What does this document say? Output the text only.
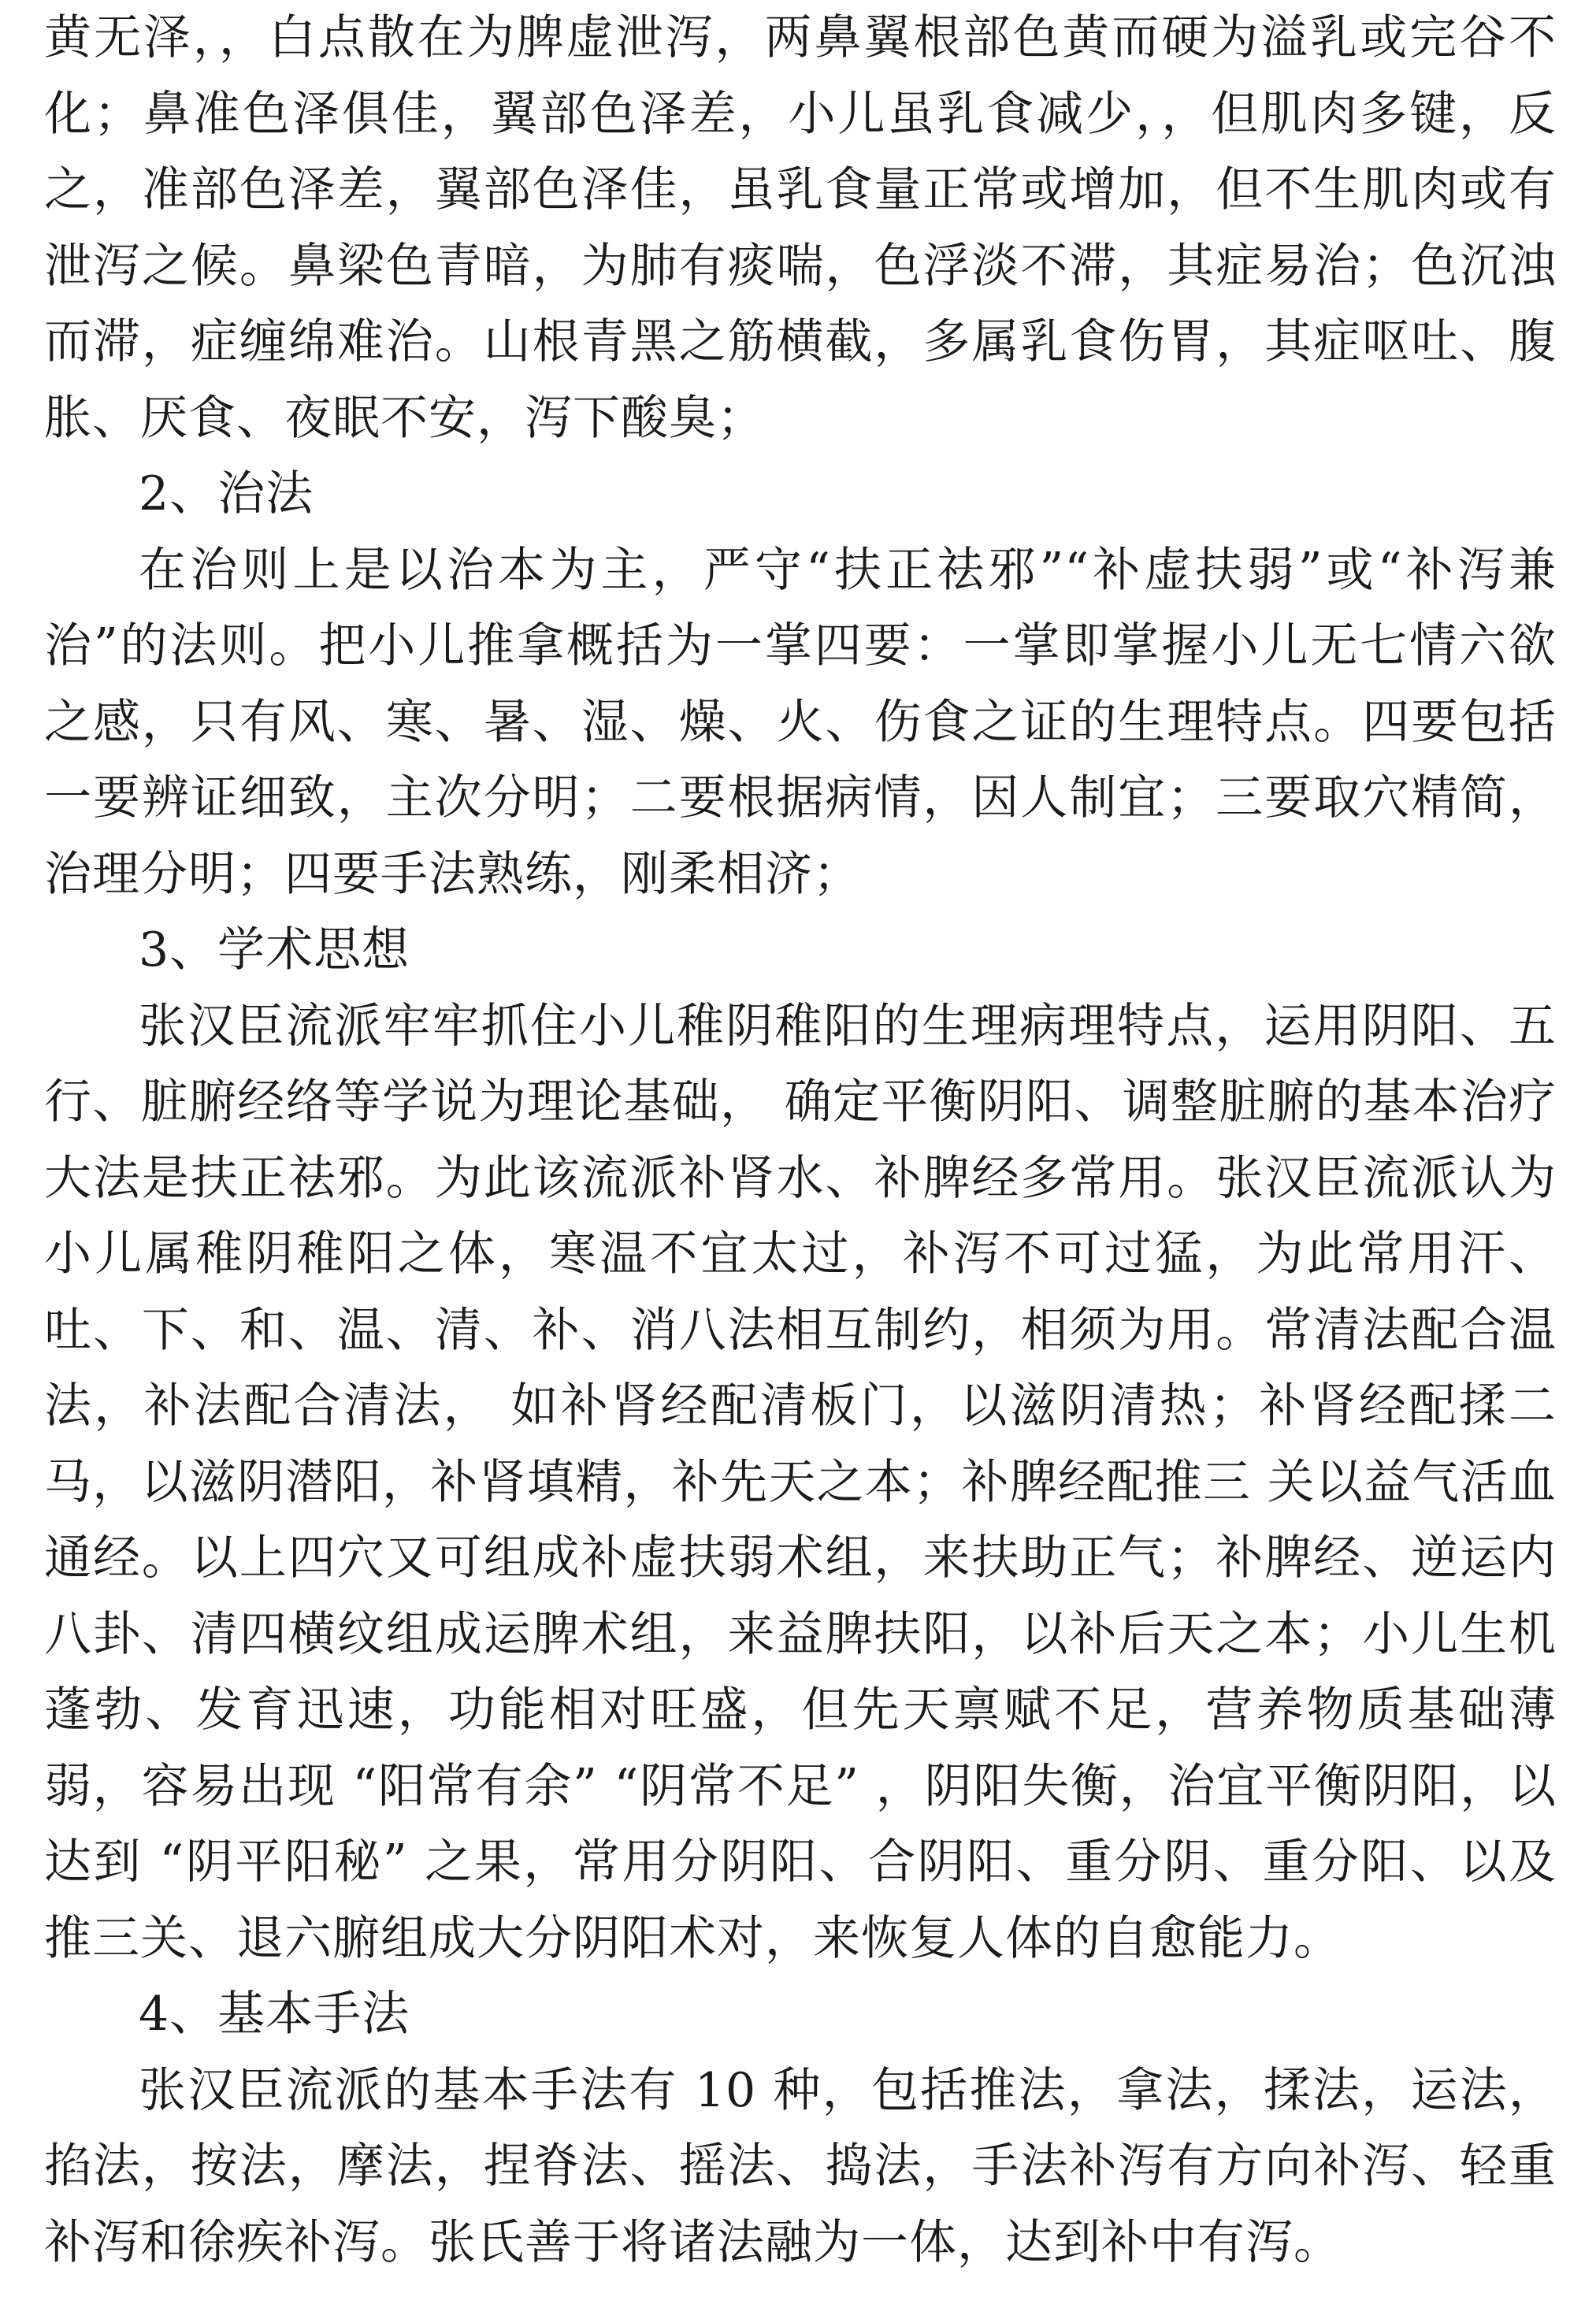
黄无泽，，白点散在为脾虚泄泻，两鼻翼根部色黄而硬为溢乳或完谷不化；鼻准色泽俱佳，翼部色泽差，小儿虽乳食减少，，但肌肉多键，反之，准部色泽差，翼部色泽佳，虽乳食量正常或增加，但不生肌肉或有泄泻之候。鼻梁色青暗，为肺有痰喘，色浮淡不滞，其症易治；色沉浊而滞，症缠绵难治。山根青黑之筋横截，多属乳食伤胃，其症呕吐、腹胀、厌食、夜眠不安，泻下酸臭；

2、治法

在治则上是以治本为主，严守“扶正祛邪”“补虚扶弱”或“补泻兼治”的法则。把小儿推拿概括为一掌四要：一掌即掌握小儿无七情六欲之感，只有风、寒、暑、湿、燥、火、伤食之证的生理特点。四要包括一要辨证细致，主次分明；二要根据病情，因人制宜；三要取穴精简，治理分明；四要手法熟练，刚柔相济；

3、学术思想

张汉臣流派牢牢抓住小儿稚阴稚阳的生理病理特点，运用阴阳、五行、脏腑经络等学说为理论基础， 确定平衡阴阳、调整脏腑的基本治疗大法是扶正祛邪。为此该流派补肾水、补脾经多常用。张汉臣流派认为小儿属稚阴稚阳之体，寒温不宜太过，补泻不可过猛，为此常用汗、吐、下、和、温、清、补、消八法相互制约，相须为用。常清法配合温法，补法配合清法， 如补肾经配清板门，以滋阴清热；补肾经配揉二马，以滋阴潜阳，补肾填精，补先天之本；补脾经配推三 关以益气活血通经。以上四穴又可组成补虚扶弱术组，来扶助正气；补脾经、逆运内八卦、清四横纹组成运脾术组，来益脾扶阳，以补后天之本；小儿生机蓬勃、发育迅速，功能相对旺盛，但先天禀赋不足，营养物质基础薄弱，容易出现 “阳常有余” “阴常不足” ，阴阳失衡，治宜平衡阴阳，以达到 “阴平阳秘” 之果，常用分阴阳、合阴阳、重分阴、重分阳、以及推三关、退六腑组成大分阴阳术对，来恢复人体的自愈能力。

4、基本手法

张汉臣流派的基本手法有 10 种，包括推法，拿法，揉法，运法，掐法，按法，摩法，捏脊法、摇法、捣法，手法补泻有方向补泻、轻重补泻和徐疾补泻。张氏善于将诸法融为一体，达到补中有泻。
